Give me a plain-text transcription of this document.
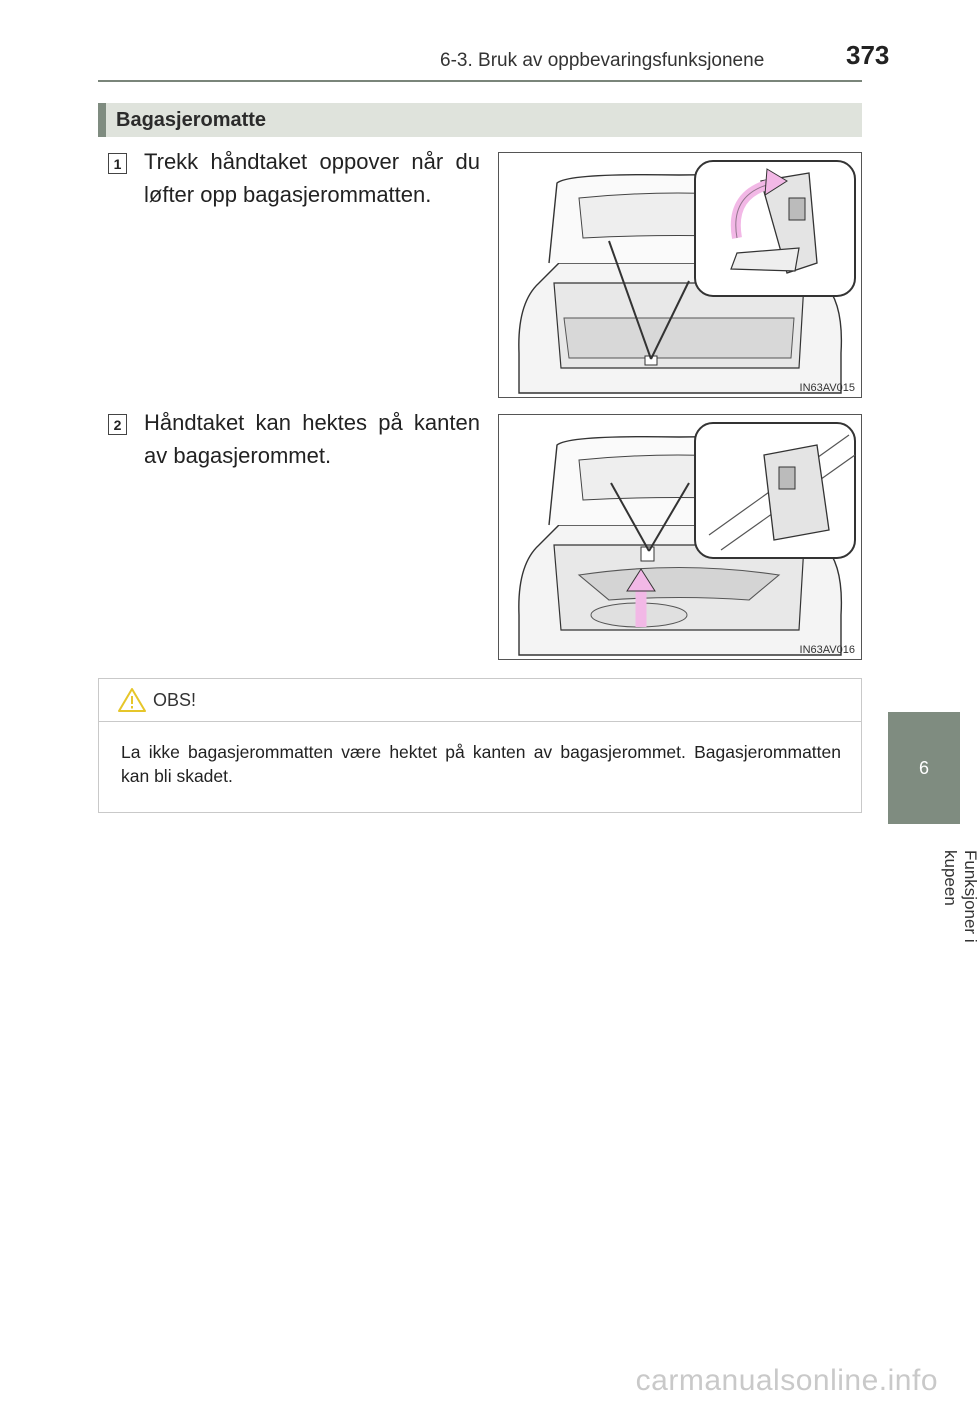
6-3. Bruk av oppbevaringsfunksjonene	373
6
Funksjoner i kupeen
Bagasjeromatte
1 Trekk håndtaket oppover når du løfter opp bagasjerommatten.
IN63AV015
2 Håndtaket kan hektes på kanten av bagasjerommet.
IN63AV016
OBS!
La ikke bagasjerommatten være hektet på kanten av bagasjerommet. Bagasjerommatten kan bli skadet.
carmanualsonline.info
